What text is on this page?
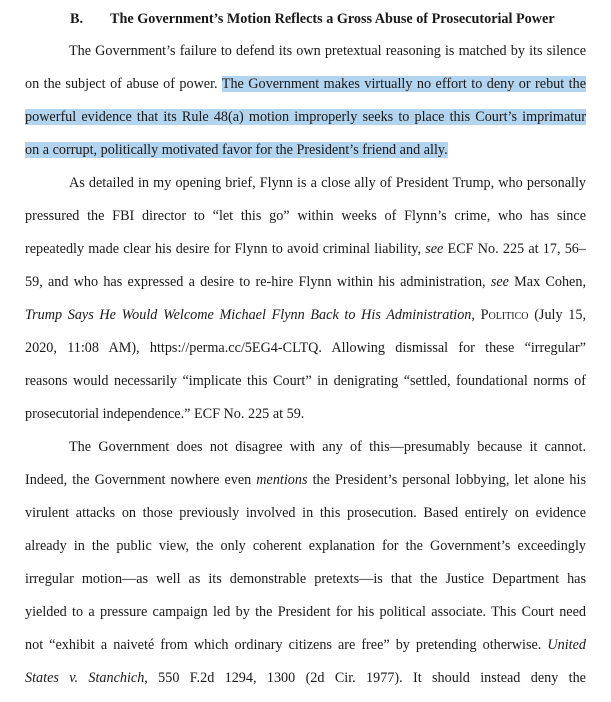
B. The Government’s Motion Reflects a Gross Abuse of Prosecutorial Power
The Government’s failure to defend its own pretextual reasoning is matched by its silence
on the subject of abuse of power. The Government makes virtually no effort to deny or rebut the
powerful evidence that its Rule 48(a) motion improperly seeks to place this Court’s imprimatur
on a corrupt, politically motivated favor for the President’s friend and ally.
As detailed in my opening brief, Flynn is a close ally of President Trump, who personally
pressured the FBI director to “let this go” within weeks of Flynn’s crime, who has since
repeatedly made clear his desire for Flynn to avoid criminal liability, see ECF No. 225 at 17, 56–
59, and who has expressed a desire to re-hire Flynn within his administration, see Max Cohen,
Trump Says He Would Welcome Michael Flynn Back to His Administration, Politico (July 15,
2020, 11:08 AM), https://perma.cc/5EG4-CLTQ. Allowing dismissal for these “irregular”
reasons would necessarily “implicate this Court” in denigrating “settled, foundational norms of
prosecutorial independence.” ECF No. 225 at 59.
The Government does not disagree with any of this—presumably because it cannot.
Indeed, the Government nowhere even mentions the President’s personal lobbying, let alone his
virulent attacks on those previously involved in this prosecution. Based entirely on evidence
already in the public view, the only coherent explanation for the Government’s exceedingly
irregular motion—as well as its demonstrable pretexts—is that the Justice Department has
yielded to a pressure campaign led by the President for his political associate. This Court need
not “exhibit a naiveté from which ordinary citizens are free” by pretending otherwise. United
States v. Stanchich, 550 F.2d 1294, 1300 (2d Cir. 1977). It should instead deny the
